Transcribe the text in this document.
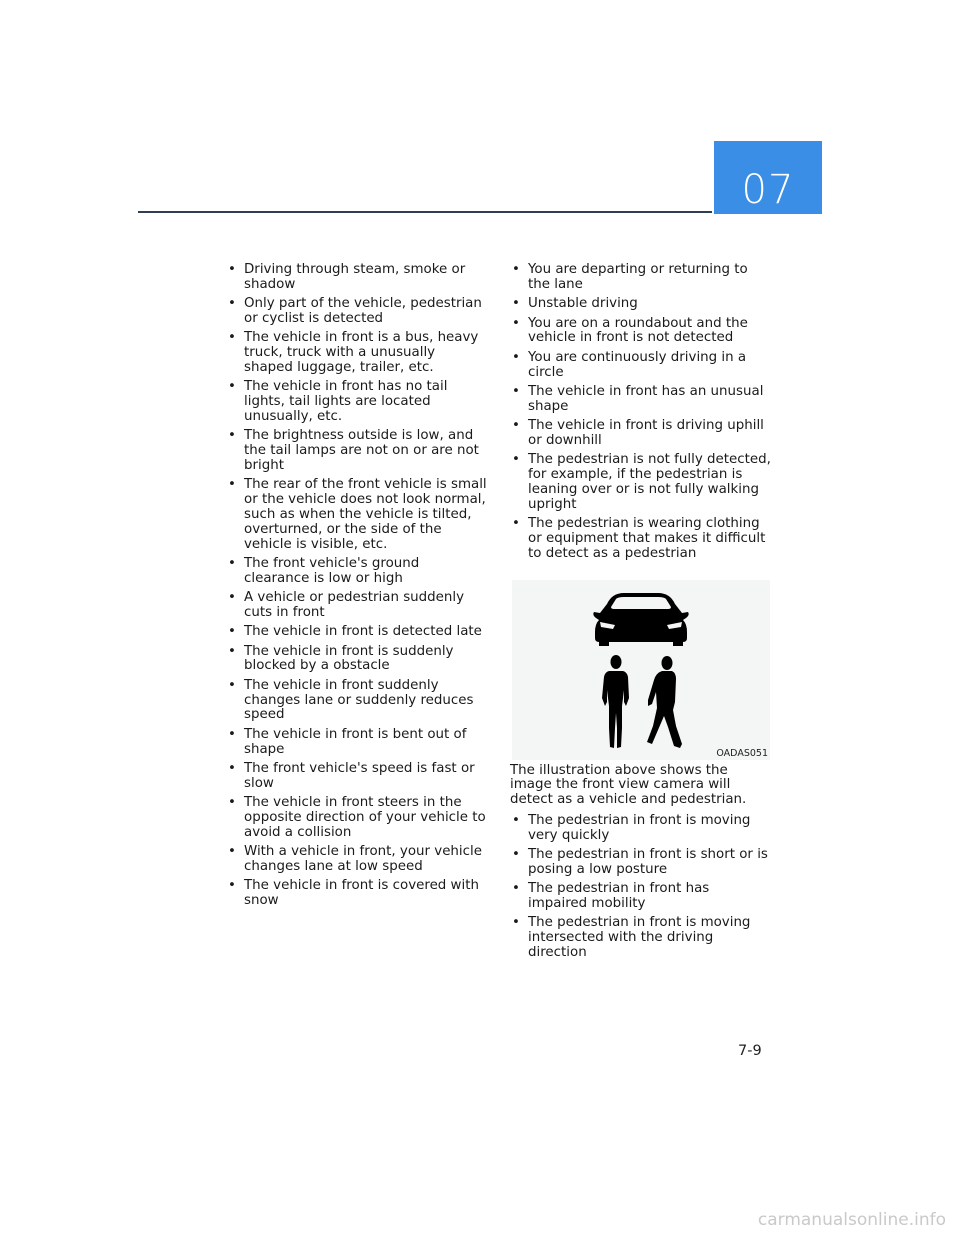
07
• Driving through steam, smoke or shadow
• Only part of the vehicle, pedestrian or cyclist is detected
• The vehicle in front is a bus, heavy truck, truck with a unusually shaped luggage, trailer, etc.
• The vehicle in front has no tail lights, tail lights are located unusually, etc.
• The brightness outside is low, and the tail lamps are not on or are not bright
• The rear of the front vehicle is small or the vehicle does not look normal, such as when the vehicle is tilted, overturned, or the side of the vehicle is visible, etc.
• The front vehicle's ground clearance is low or high
• A vehicle or pedestrian suddenly cuts in front
• The vehicle in front is detected late
• The vehicle in front is suddenly blocked by a obstacle
• The vehicle in front suddenly changes lane or suddenly reduces speed
• The vehicle in front is bent out of shape
• The front vehicle's speed is fast or slow
• The vehicle in front steers in the opposite direction of your vehicle to avoid a collision
• With a vehicle in front, your vehicle changes lane at low speed
• The vehicle in front is covered with snow
• You are departing or returning to the lane
• Unstable driving
• You are on a roundabout and the vehicle in front is not detected
• You are continuously driving in a circle
• The vehicle in front has an unusual shape
• The vehicle in front is driving uphill or downhill
• The pedestrian is not fully detected, for example, if the pedestrian is leaning over or is not fully walking upright
• The pedestrian is wearing clothing or equipment that makes it difficult to detect as a pedestrian
OADAS051

The illustration above shows the image the front view camera will detect as a vehicle and pedestrian.

• The pedestrian in front is moving very quickly
• The pedestrian in front is short or is posing a low posture
• The pedestrian in front has impaired mobility
• The pedestrian in front is moving intersected with the driving direction
7-9
carmanualsonline.info
